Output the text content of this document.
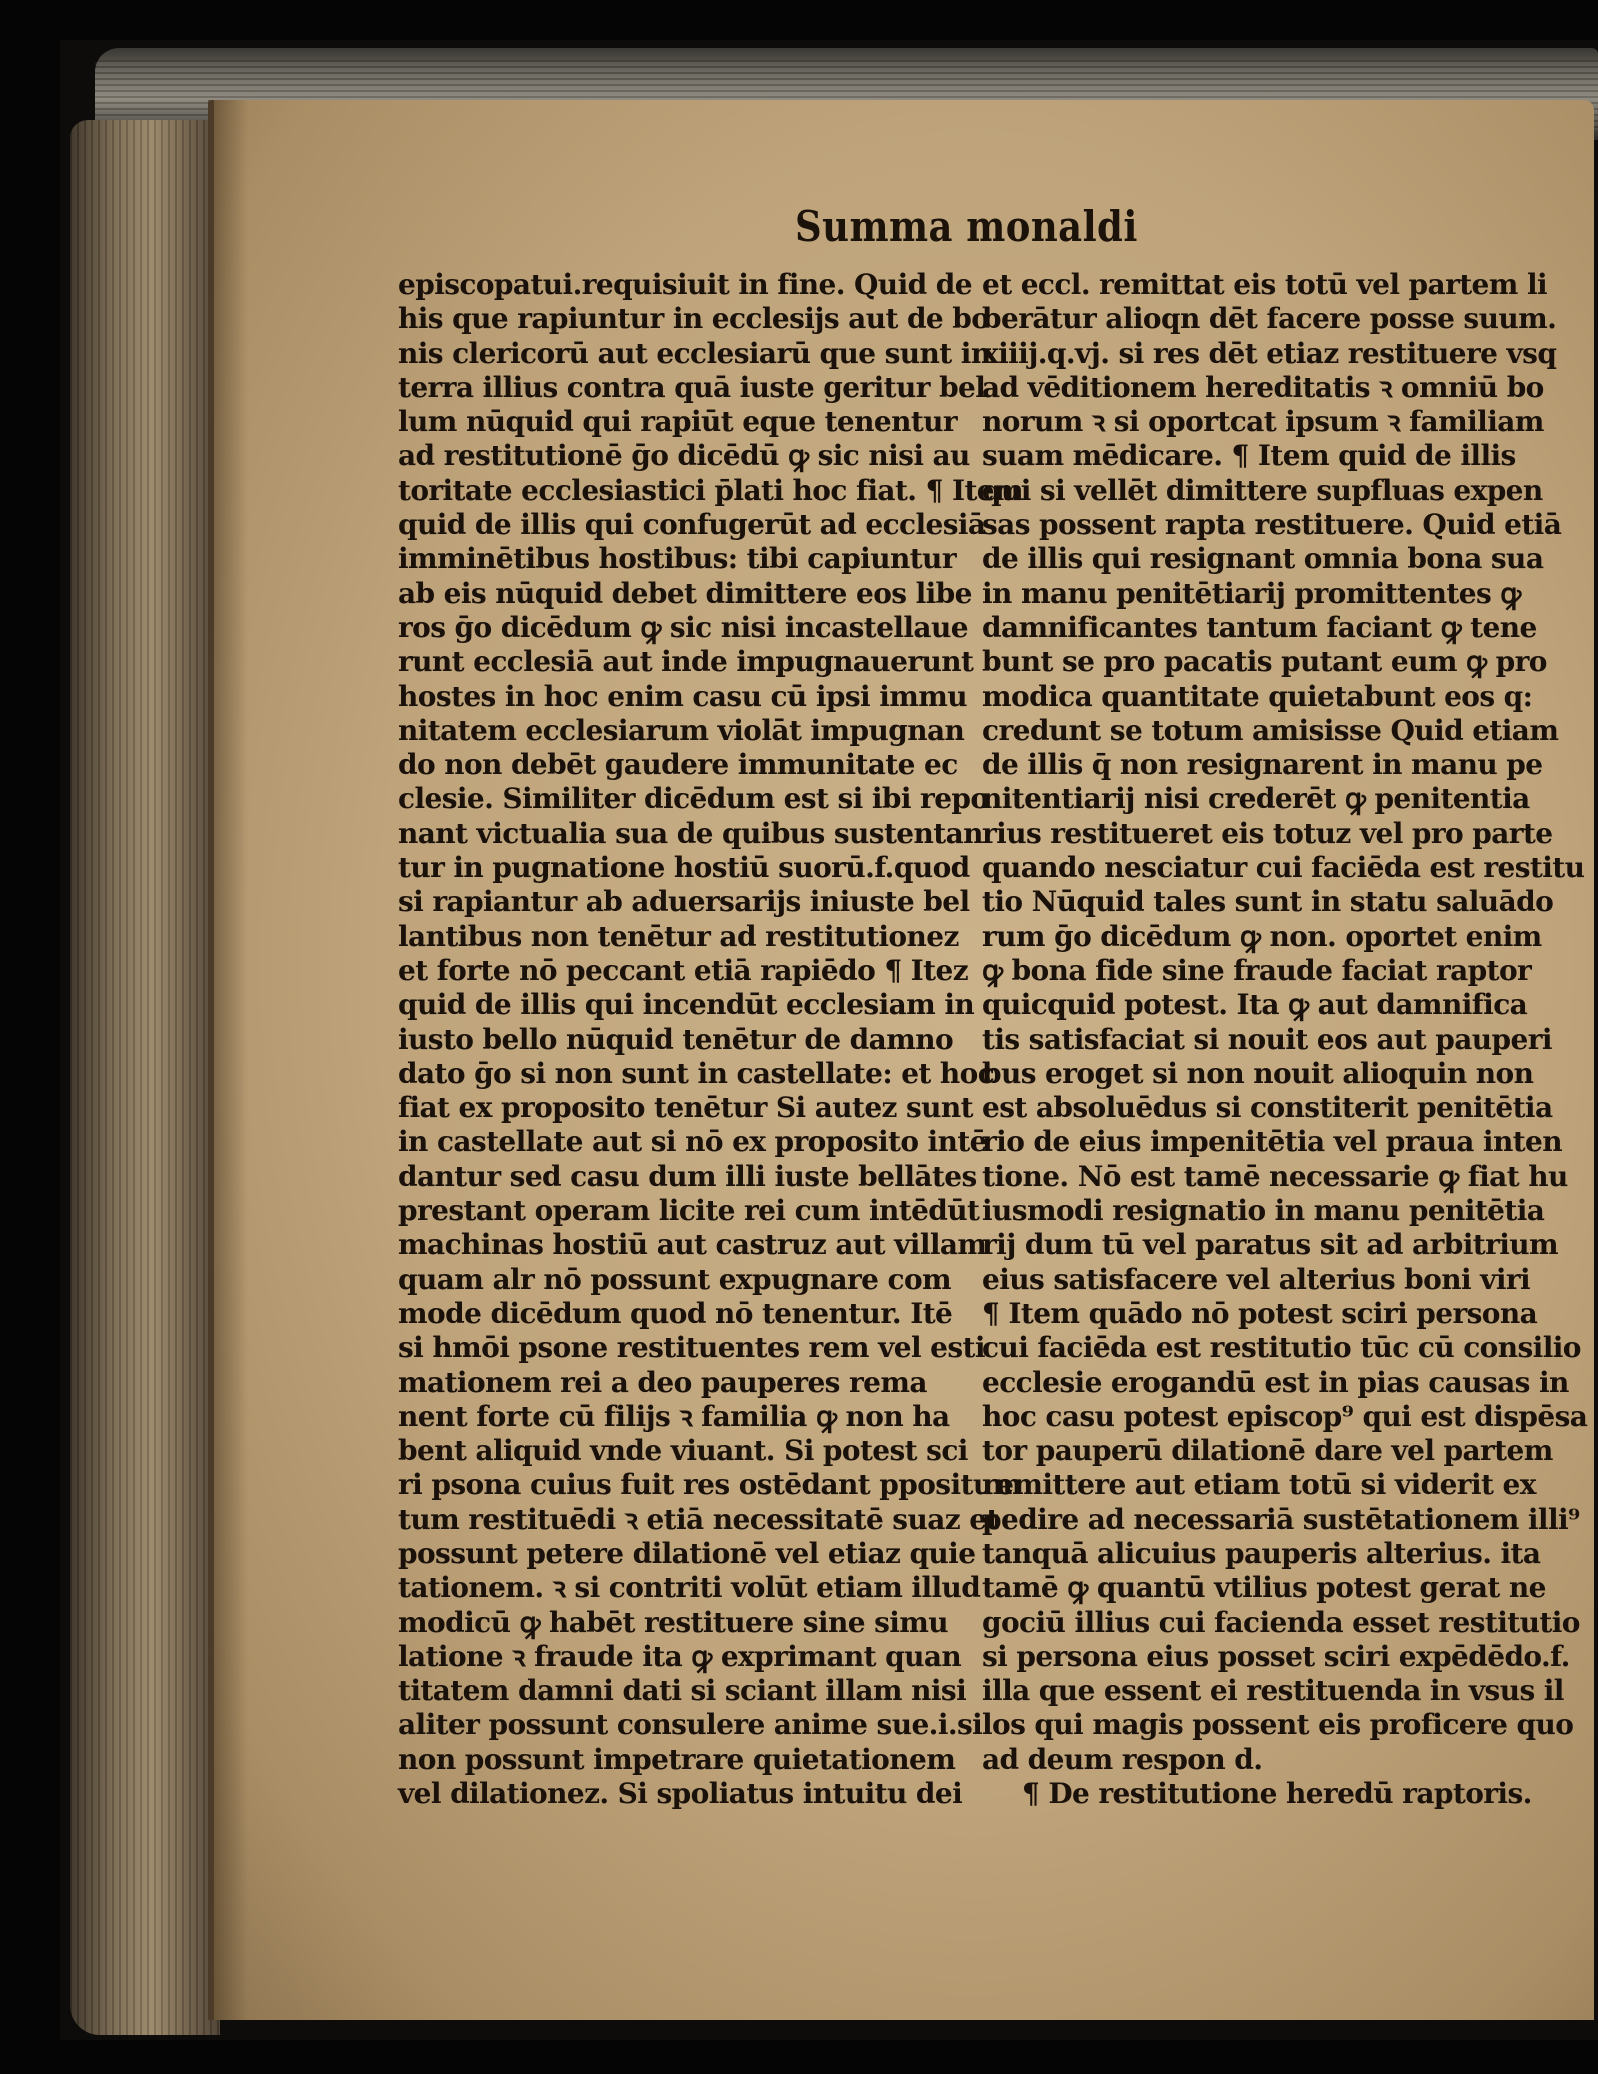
Summa monaldi
episcopatui.requisiuit in fine. Quid de
his que rapiuntur in ecclesijs aut de bo
nis clericorū aut ecclesiarū que sunt in
terra illius contra quā iuste geritur bel
lum nūquid qui rapiūt eque tenentur
ad restitutionē ḡo dicēdū ꝙ sic nisi au
toritate ecclesiastici p̄lati hoc fiat. ¶ Item
quid de illis qui confugerūt ad ecclesiā
imminētibus hostibus: tibi capiuntur
ab eis nūquid debet dimittere eos libe
ros ḡo dicēdum ꝙ sic nisi incastellaue
runt ecclesiā aut inde impugnauerunt
hostes in hoc enim casu cū ipsi immu
nitatem ecclesiarum violāt impugnan
do non debēt gaudere immunitate ec
clesie. Similiter dicēdum est si ibi repo
nant victualia sua de quibus sustentan
tur in pugnatione hostiū suorū.f.quod
si rapiantur ab aduersarijs iniuste bel
lantibus non tenētur ad restitutionez
et forte nō peccant etiā rapiēdo ¶ Itez
quid de illis qui incendūt ecclesiam in
iusto bello nūquid tenētur de damno
dato ḡo si non sunt in castellate: et hoc
fiat ex proposito tenētur Si autez sunt
in castellate aut si nō ex proposito intē
dantur sed casu dum illi iuste bellātes
prestant operam licite rei cum intēdūt
machinas hostiū aut castruz aut villam
quam alr nō possunt expugnare com
mode dicēdum quod nō tenentur. Itē
si hmōi psone restituentes rem vel esti
mationem rei a deo pauperes rema
nent forte cū filijs ꝛ familia ꝙ non ha
bent aliquid vnde viuant. Si potest sci
ri psona cuius fuit res ostēdant ppositum
tum restituēdi ꝛ etiā necessitatē suaz et
possunt petere dilationē vel etiaz quie
tationem. ꝛ si contriti volūt etiam illud
modicū ꝙ habēt restituere sine simu
latione ꝛ fraude ita ꝙ exprimant quan
titatem damni dati si sciant illam nisi
aliter possunt consulere anime sue.i.si
non possunt impetrare quietationem
vel dilationez. Si spoliatus intuitu dei
et eccl. remittat eis totū vel partem li
berātur alioqn dēt facere posse suum.
xiiij.q.vj. si res dēt etiaz restituere vsq
ad vēditionem hereditatis ꝛ omniū bo
norum ꝛ si oportcat ipsum ꝛ familiam
suam mēdicare. ¶ Item quid de illis
qui si vellēt dimittere supfluas expen
sas possent rapta restituere. Quid etiā
de illis qui resignant omnia bona sua
in manu penitētiarij promittentes ꝙ
damnificantes tantum faciant ꝙ tene
bunt se pro pacatis putant eum ꝙ pro
modica quantitate quietabunt eos q:
credunt se totum amisisse Quid etiam
de illis q̄ non resignarent in manu pe
nitentiarij nisi crederēt ꝙ penitentia
rius restitueret eis totuz vel pro parte
quando nesciatur cui faciēda est restitu
tio Nūquid tales sunt in statu saluādo
rum ḡo dicēdum ꝙ non. oportet enim
ꝙ bona fide sine fraude faciat raptor
quicquid potest. Ita ꝙ aut damnifica
tis satisfaciat si nouit eos aut pauperi
bus eroget si non nouit alioquin non
est absoluēdus si constiterit penitētia
rio de eius impenitētia vel praua inten
tione. Nō est tamē necessarie ꝙ fiat hu
iusmodi resignatio in manu penitētia
rij dum tū vel paratus sit ad arbitrium
eius satisfacere vel alterius boni viri
¶ Item quādo nō potest sciri persona
cui faciēda est restitutio tūc cū consilio
ecclesie erogandū est in pias causas in
hoc casu potest episcop⁹ qui est dispēsa
tor pauperū dilationē dare vel partem
remittere aut etiam totū si viderit ex
pedire ad necessariā sustētationem illi⁹
tanquā alicuius pauperis alterius. ita
tamē ꝙ quantū vtilius potest gerat ne
gociū illius cui facienda esset restitutio
si persona eius posset sciri expēdēdo.f.
illa que essent ei restituenda in vsus il
los qui magis possent eis proficere quo
ad deum respon d.
¶ De restitutione heredū raptoris.
